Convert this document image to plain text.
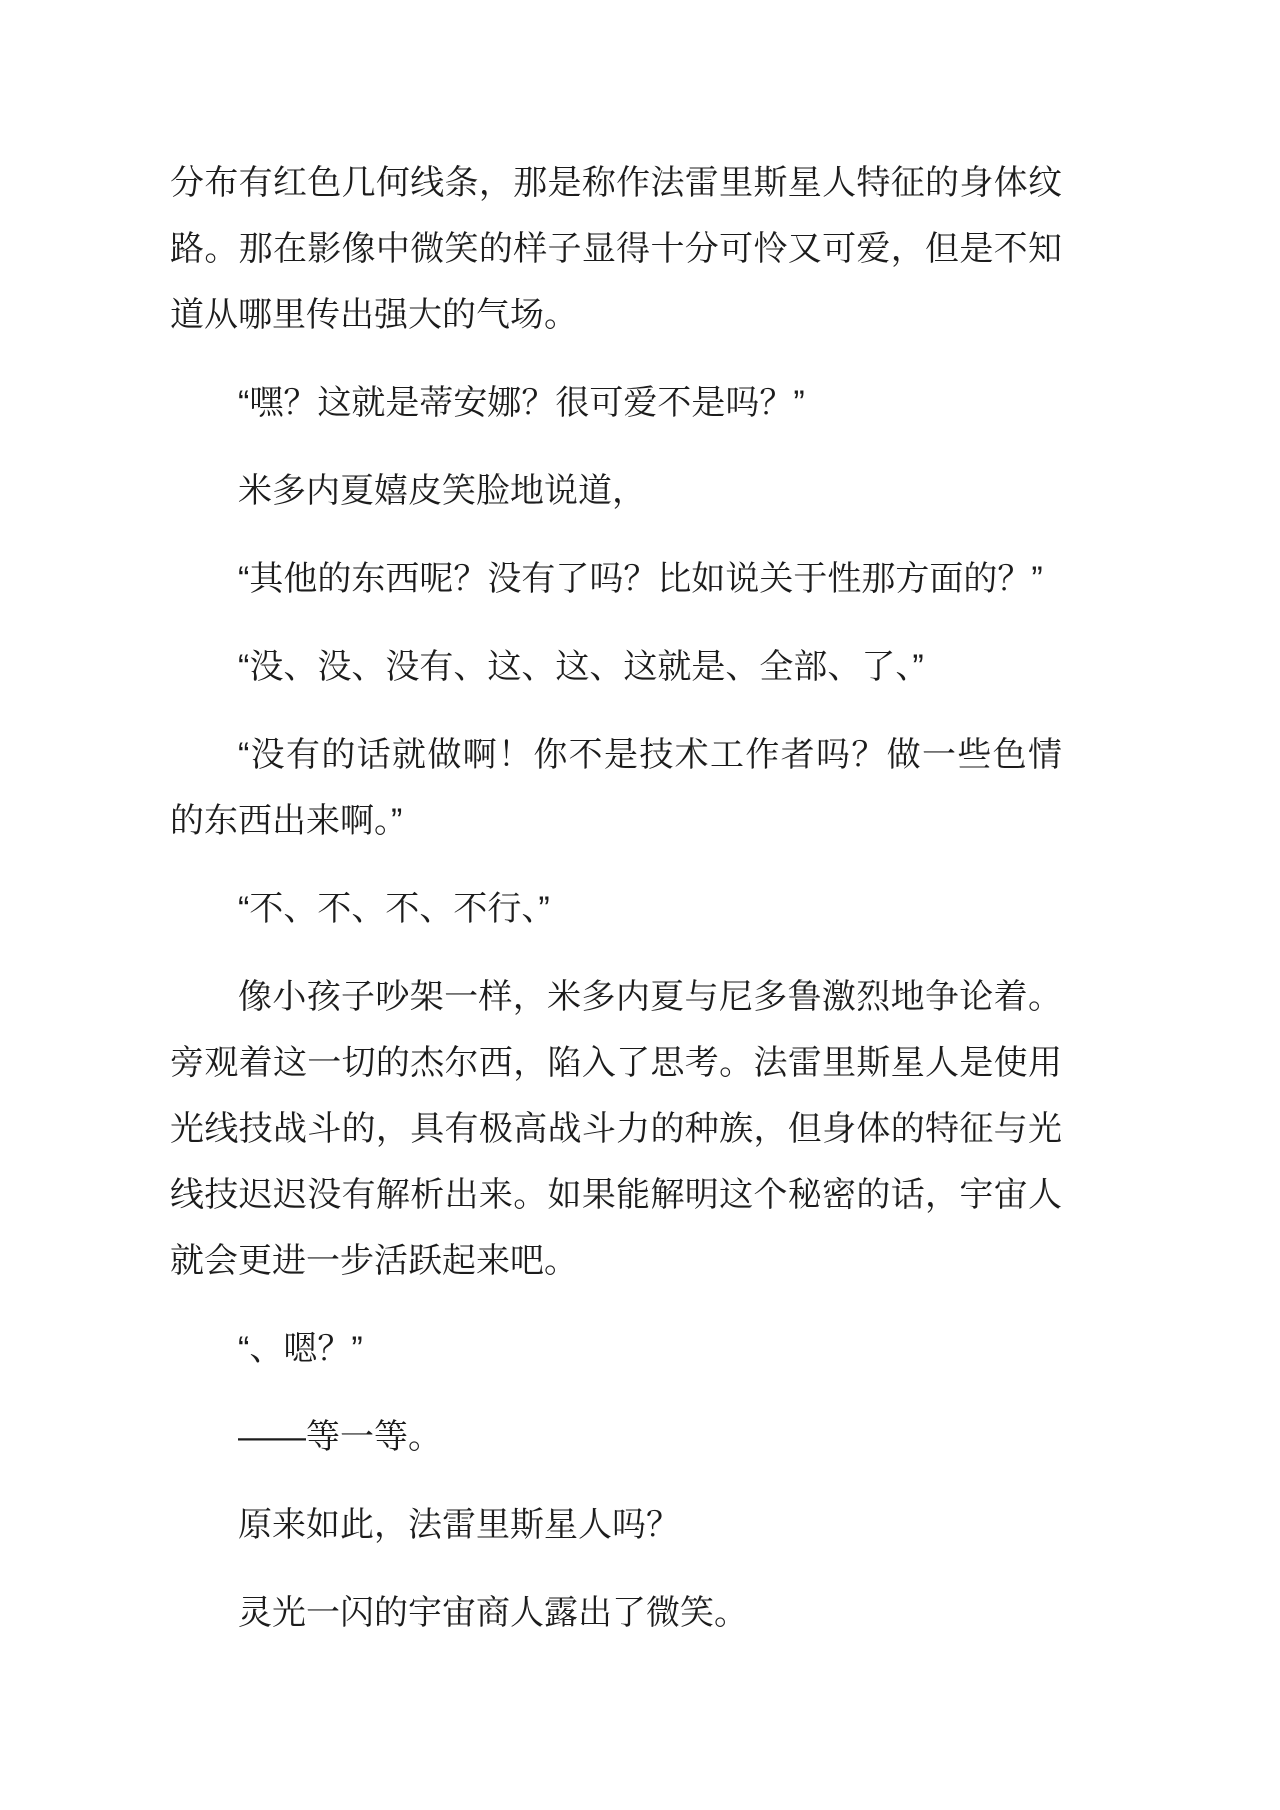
分布有红色几何线条，那是称作法雷里斯星人特征的身体纹路。那在影像中微笑的样子显得十分可怜又可爱，但是不知道从哪里传出强大的气场。

“嘿？这就是蒂安娜？很可爱不是吗？”

米多内夏嬉皮笑脸地说道，

“其他的东西呢？没有了吗？比如说关于性那方面的？”

“没、没、没有、这、这、这就是、全部、了、”

“没有的话就做啊！你不是技术工作者吗？做一些色情的东西出来啊。”

“不、不、不、不行、”

像小孩子吵架一样，米多内夏与尼多鲁激烈地争论着。旁观着这一切的杰尔西，陷入了思考。法雷里斯星人是使用光线技战斗的，具有极高战斗力的种族，但身体的特征与光线技迟迟没有解析出来。如果能解明这个秘密的话，宇宙人就会更进一步活跃起来吧。

“、嗯？”

——等一等。

原来如此，法雷里斯星人吗？

灵光一闪的宇宙商人露出了微笑。
